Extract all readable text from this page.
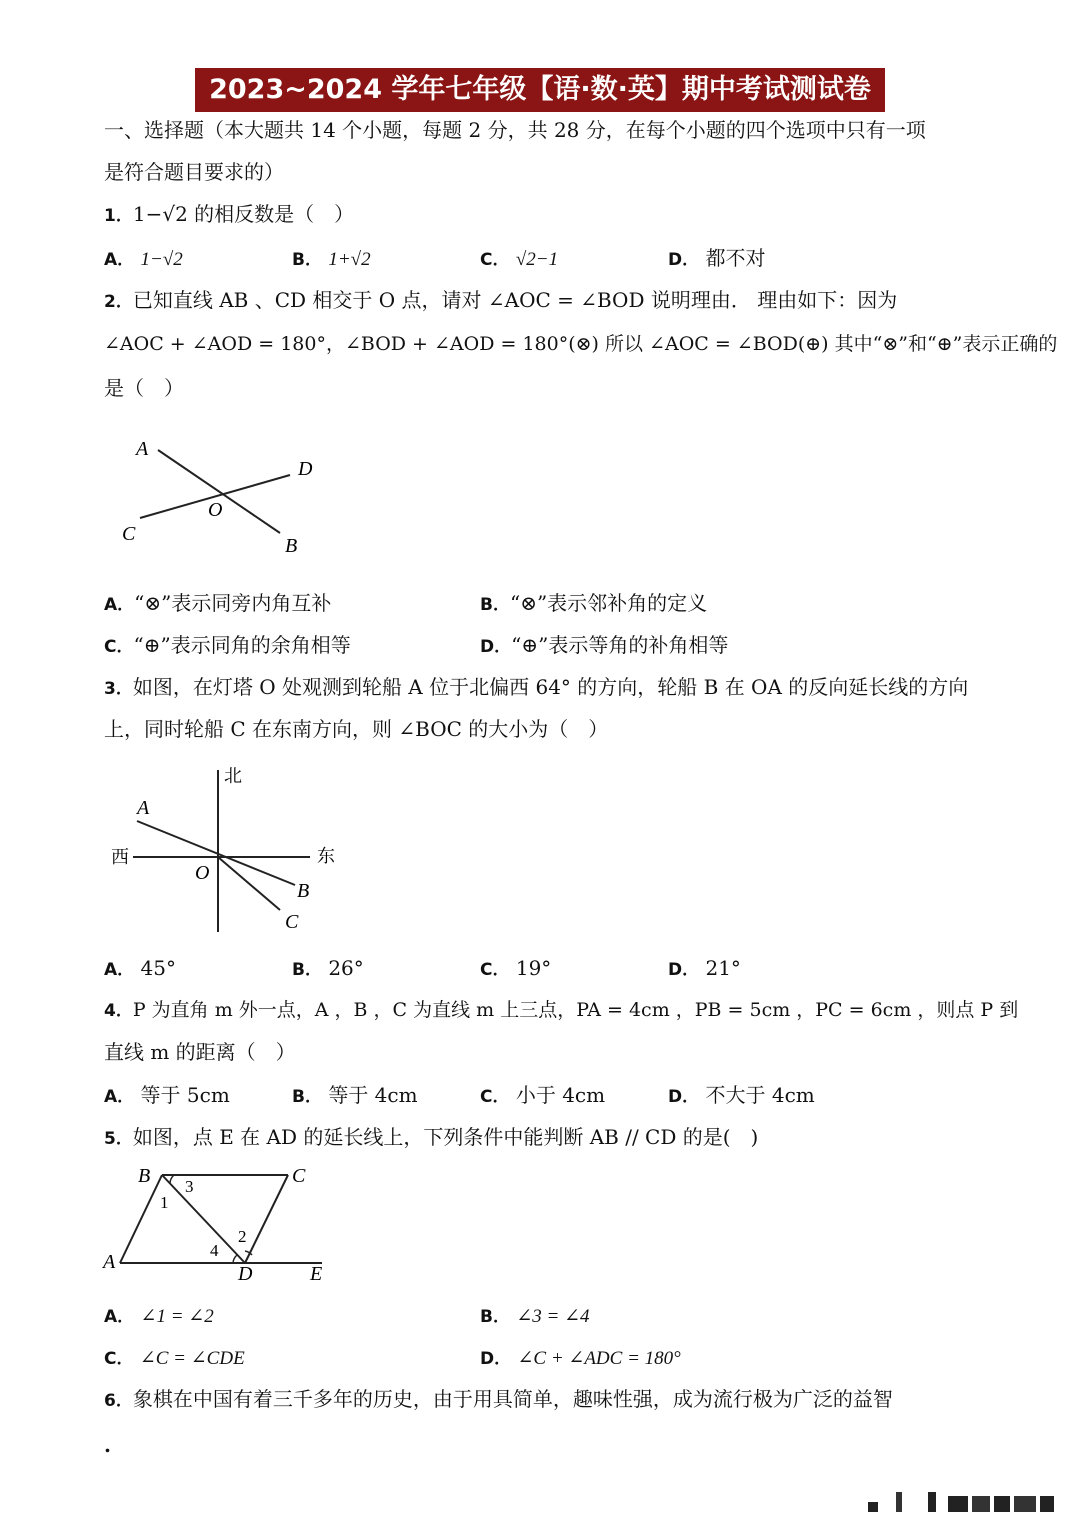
2023~2024 学年七年级【语·数·英】期中考试测试卷
一、选择题（本大题共 14 个小题，每题 2 分，共 28 分，在每个小题的四个选项中只有一项
是符合题目要求的）
1．1−√2 的相反数是（　）
A． 1−√2	B． 1+√2	C． √2−1	D． 都不对
2．已知直线 AB 、CD 相交于 O 点，请对 ∠AOC = ∠BOD 说明理由． 理由如下：因为
∠AOC + ∠AOD = 180°，∠BOD + ∠AOD = 180°(⊗) 所以 ∠AOC = ∠BOD(⊕) 其中“⊗”和“⊕”表示正确的
是（　）
A
D
O
C
B
A．“⊗”表示同旁内角互补	B．“⊗”表示邻补角的定义
C．“⊕”表示同角的余角相等	D．“⊕”表示等角的补角相等
3．如图，在灯塔 O 处观测到轮船 A 位于北偏西 64° 的方向，轮船 B 在 OA 的反向延长线的方向
上，同时轮船 C 在东南方向，则 ∠BOC 的大小为（　）
北
A
西	东
O
B
C
A． 45°	B． 26°	C． 19°	D． 21°
4．P 为直角 m 外一点，A ，B ，C 为直线 m 上三点，PA = 4cm ，PB = 5cm ，PC = 6cm ，则点 P 到
直线 m 的距离（　）
A． 等于 5cm	B． 等于 4cm	C． 小于 4cm	D． 不大于 4cm
5．如图，点 E 在 AD 的延长线上，下列条件中能判断 AB // CD 的是(　)
B 3	C
1
2
4
A
D	E
A． ∠1 = ∠2	B． ∠3 = ∠4
C． ∠C = ∠CDE	D． ∠C + ∠ADC = 180°
6．象棋在中国有着三千多年的历史，由于用具简单，趣味性强，成为流行极为广泛的益智
.
